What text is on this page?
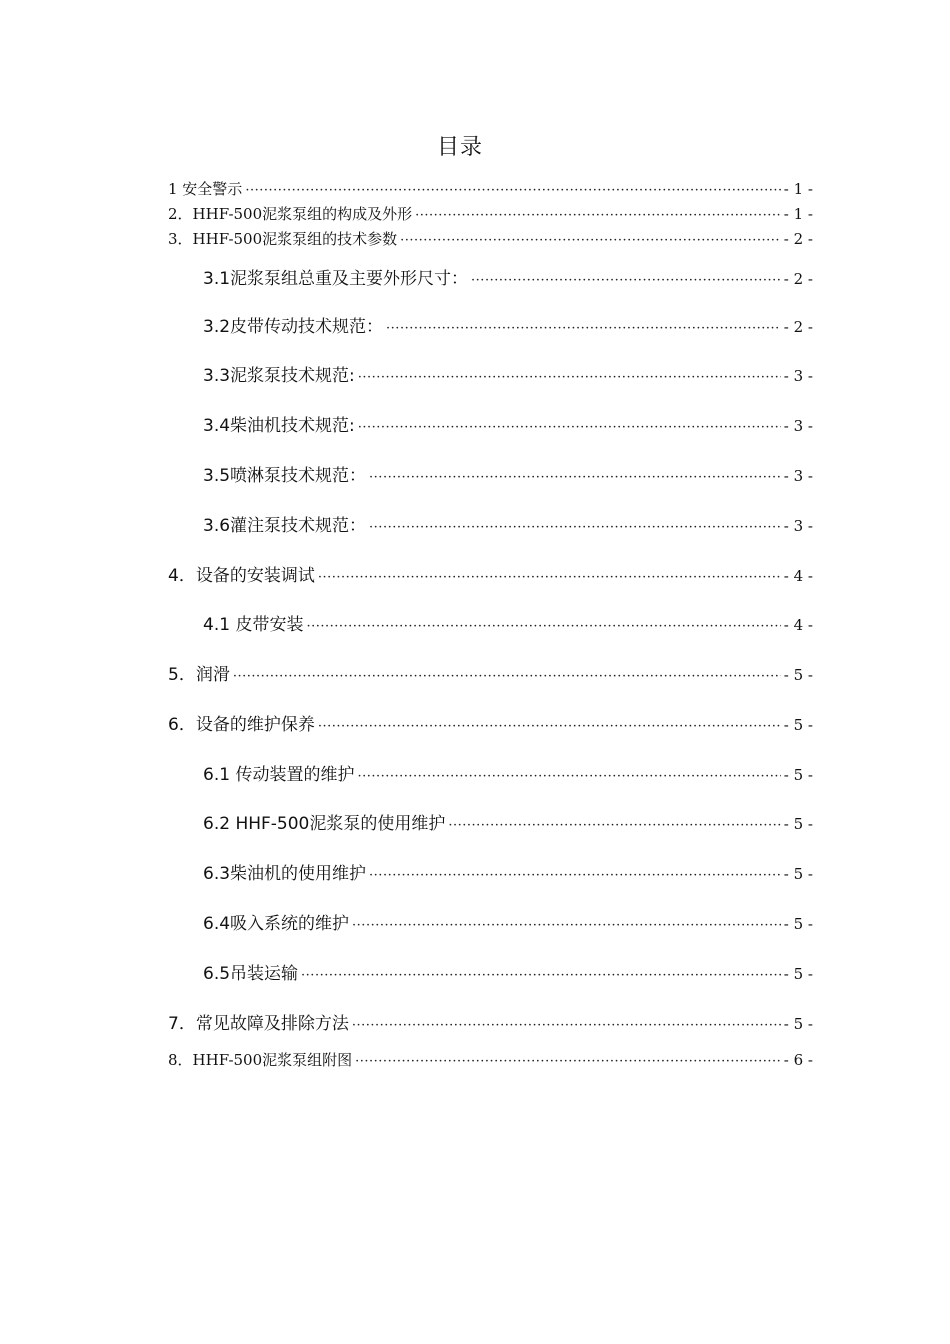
目录
1 安全警示 ·····	- 1 -
2．HHF-500泥浆泵组的构成及外形 ·····	- 1 -
3．HHF-500泥浆泵组的技术参数 ·····	- 2 -
3.1泥浆泵组总重及主要外形尺寸： ·····	- 2 -
3.2皮带传动技术规范： ·····	- 2 -
3.3泥浆泵技术规范: ·····	- 3 -
3.4柴油机技术规范: ·····	- 3 -
3.5喷淋泵技术规范： ·····	- 3 -
3.6灌注泵技术规范： ·····	- 3 -
4．设备的安装调试 ·····	- 4 -
4.1 皮带安装 ·····	- 4 -
5．润滑 ·····	- 5 -
6．设备的维护保养 ·····	- 5 -
6.1 传动装置的维护 ·····	- 5 -
6.2 HHF-500泥浆泵的使用维护 ·····	- 5 -
6.3柴油机的使用维护 ·····	- 5 -
6.4吸入系统的维护 ·····	- 5 -
6.5吊装运输 ·····	- 5 -
7．常见故障及排除方法 ·····	- 5 -
8．HHF-500泥浆泵组附图 ·····	- 6 -
